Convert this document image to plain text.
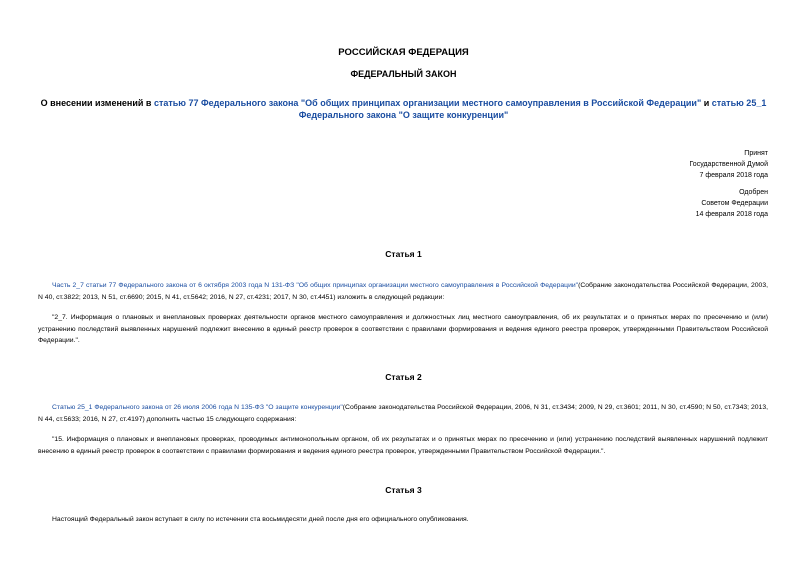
РОССИЙСКАЯ ФЕДЕРАЦИЯ
ФЕДЕРАЛЬНЫЙ ЗАКОН
О внесении изменений в статью 77 Федерального закона "Об общих принципах организации местного самоуправления в Российской Федерации" и статью 25_1 Федерального закона "О защите конкуренции"
Принят
Государственной Думой
7 февраля 2018 года
Одобрен
Советом Федерации
14 февраля 2018 года
Статья 1
Часть 2_7 статьи 77 Федерального закона от 6 октября 2003 года N 131-ФЗ "Об общих принципах организации местного самоуправления в Российской Федерации"(Собрание законодательства Российской Федерации, 2003, N 40, ст.3822; 2013, N 51, ст.6690; 2015, N 41, ст.5642; 2016, N 27, ст.4231; 2017, N 30, ст.4451) изложить в следующей редакции:
"2_7. Информация о плановых и внеплановых проверках деятельности органов местного самоуправления и должностных лиц местного самоуправления, об их результатах и о принятых мерах по пресечению и (или) устранению последствий выявленных нарушений подлежит внесению в единый реестр проверок в соответствии с правилами формирования и ведения единого реестра проверок, утвержденными Правительством Российской Федерации.".
Статья 2
Статью 25_1 Федерального закона от 26 июля 2006 года N 135-ФЗ "О защите конкуренции"(Собрание законодательства Российской Федерации, 2006, N 31, ст.3434; 2009, N 29, ст.3601; 2011, N 30, ст.4590; N 50, ст.7343; 2013, N 44, ст.5633; 2016, N 27, ст.4197) дополнить частью 15 следующего содержания:
"15. Информация о плановых и внеплановых проверках, проводимых антимонопольным органом, об их результатах и о принятых мерах по пресечению и (или) устранению последствий выявленных нарушений подлежит внесению в единый реестр проверок в соответствии с правилами формирования и ведения единого реестра проверок, утвержденными Правительством Российской Федерации.".
Статья 3
Настоящий Федеральный закон вступает в силу по истечении ста восьмидесяти дней после дня его официального опубликования.
